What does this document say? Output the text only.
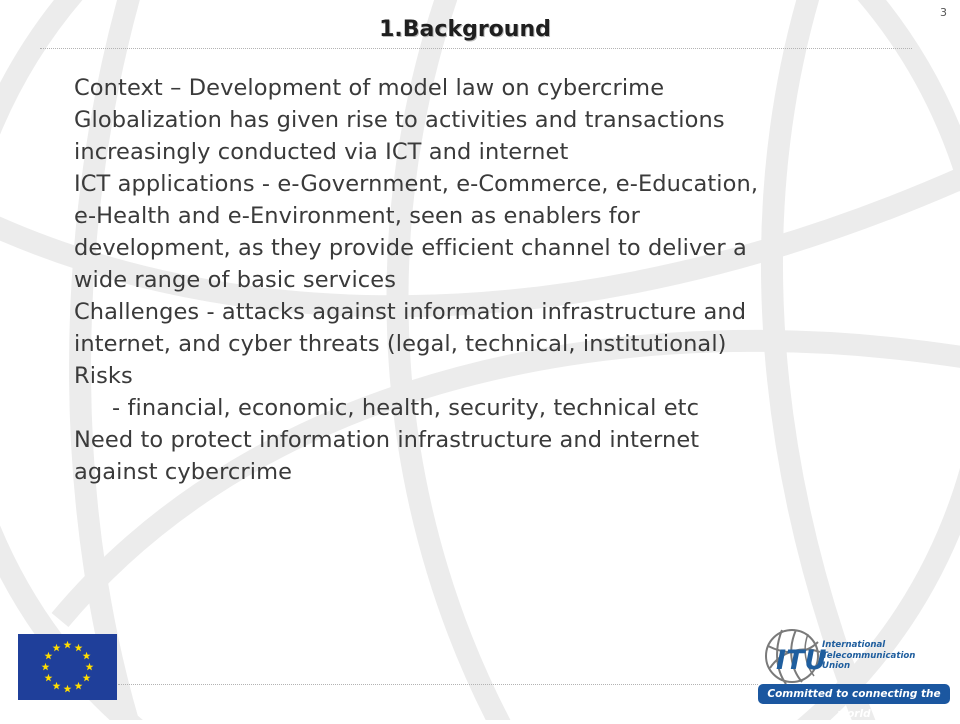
1.Background
3
Context – Development of model law on cybercrime
Globalization has given rise to activities and transactions
increasingly conducted via ICT and internet
ICT applications - e-Government, e-Commerce, e-Education,
e-Health and e-Environment, seen as enablers for
development, as they provide efficient channel to deliver a
wide range of basic services
Challenges - attacks against information infrastructure and
internet, and cyber threats (legal, technical, institutional)
Risks
- financial, economic, health, security, technical etc
Need to protect information infrastructure and internet
against cybercrime
ITU
International
Telecommunication
Union
Committed to connecting the world
